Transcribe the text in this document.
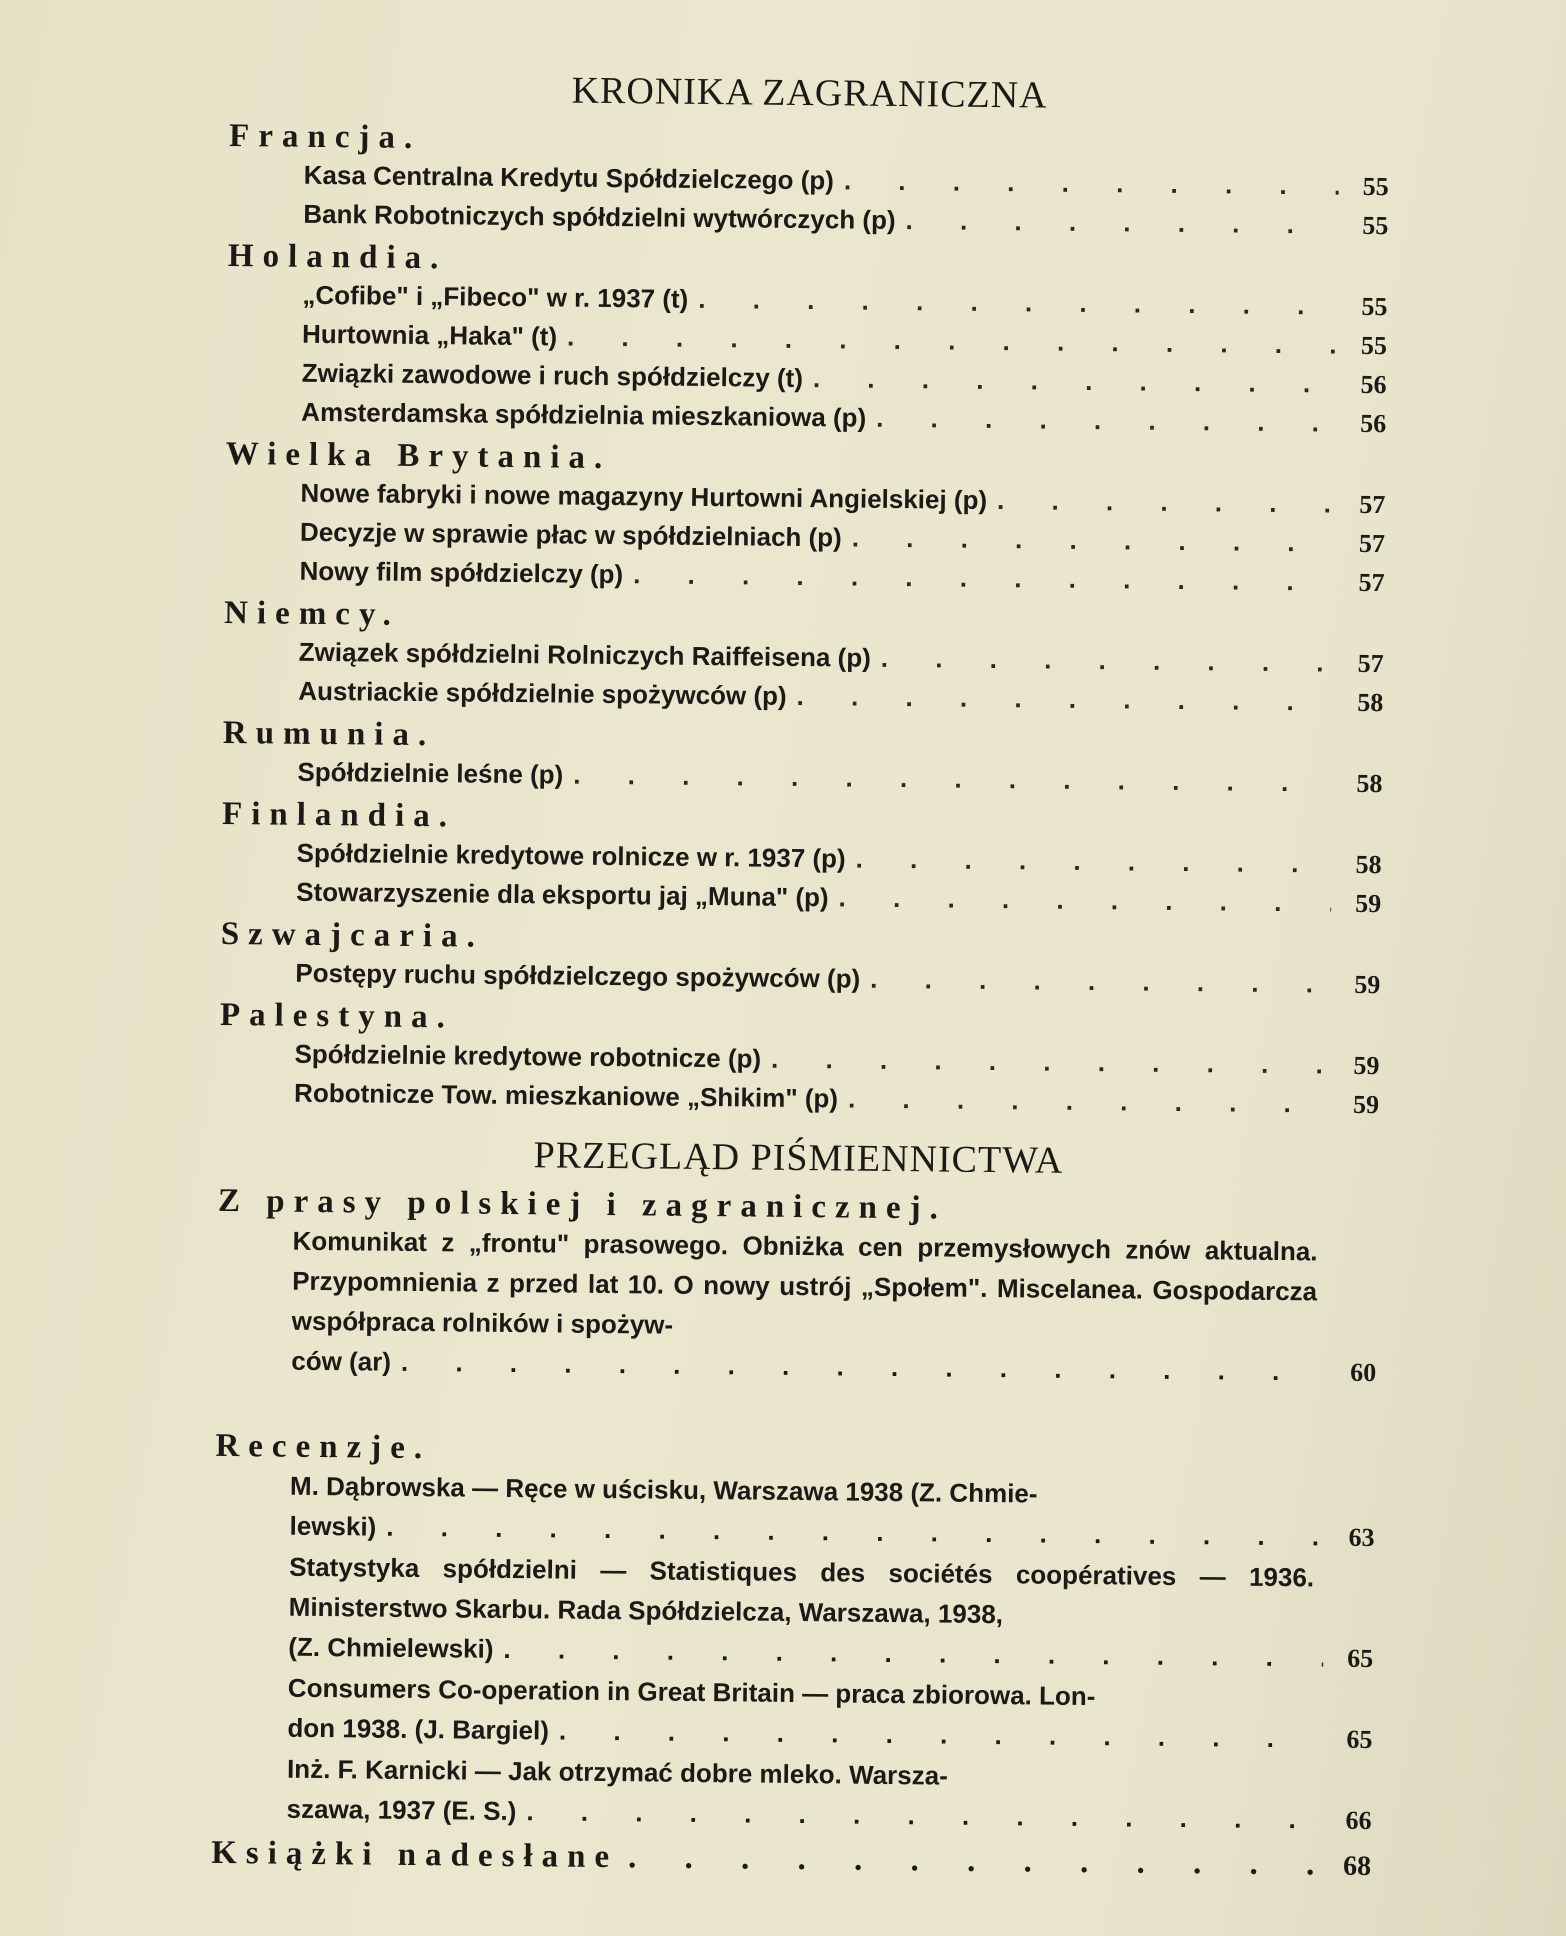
KRONIKA ZAGRANICZNA
Francja.
Kasa Centralna Kredytu Spółdzielczego (p) . . .	55
Bank Robotniczych spółdzielni wytwórczych (p) . . .	55
Holandia.
„Cofibe" i „Fibeco" w r. 1937 (t) . . .	55
Hurtownia „Haka" (t) . . .	55
Związki zawodowe i ruch spółdzielczy (t) . . .	56
Amsterdamska spółdzielnia mieszkaniowa (p) . . .	56
Wielka Brytania.
Nowe fabryki i nowe magazyny Hurtowni Angielskiej (p) . . .	57
Decyzje w sprawie płac w spółdzielniach (p) . . .	57
Nowy film spółdzielczy (p) . . .	57
Niemcy.
Związek spółdzielni Rolniczych Raiffeisena (p) . . .	57
Austriackie spółdzielnie spożywców (p) . . .	58
Rumunia.
Spółdzielnie leśne (p) . . .	58
Finlandia.
Spółdzielnie kredytowe rolnicze w r. 1937 (p) . . .	58
Stowarzyszenie dla eksportu jaj „Muna" (p) . . .	59
Szwajcaria.
Postępy ruchu spółdzielczego spożywców (p) . . .	59
Palestyna.
Spółdzielnie kredytowe robotnicze (p) . . .	59
Robotnicze Tow. mieszkaniowe „Shikim" (p) . . .	59
PRZEGLĄD PIŚMIENNICTWA
Z prasy polskiej i zagranicznej.
Komunikat z „frontu" prasowego. Obniżka cen przemysłowych znów aktualna. Przypomnienia z przed lat 10. O nowy ustrój „Społem". Miscelanea. Gospodarcza współpraca rolników i spożyw-
ców (ar) . . .	60
Recenzje.
M. Dąbrowska — Ręce w uścisku, Warszawa 1938 (Z. Chmie-
lewski) . . .	63
Statystyka spółdzielni — Statistiques des sociétés coopératives — 1936. Ministerstwo Skarbu. Rada Spółdzielcza, Warszawa, 1938,
(Z. Chmielewski) . . .	65
Consumers Co-operation in Great Britain — praca zbiorowa. Lon-
don 1938. (J. Bargiel) . . .	65
Inż. F. Karnicki — Jak otrzymać dobre mleko. Warsza-
szawa, 1937 (E. S.) . . .	66
Książki nadesłane . . .	68
